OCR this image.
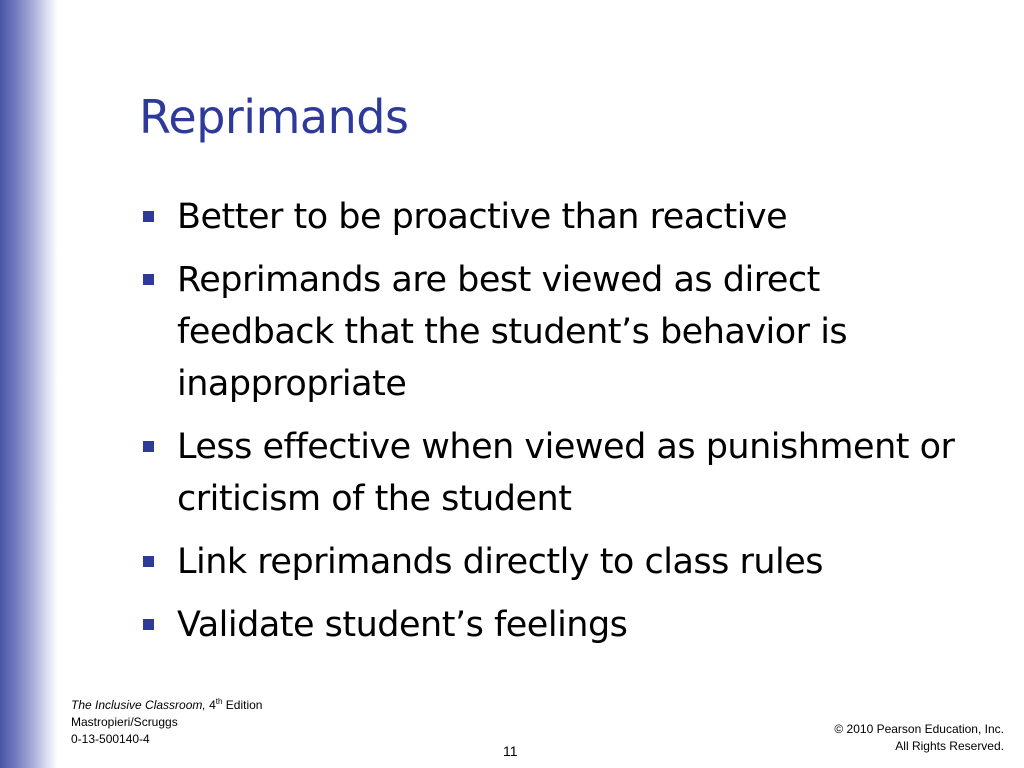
Reprimands
Better to be proactive than reactive
Reprimands are best viewed as direct feedback that the student’s behavior is inappropriate
Less effective when viewed as punishment or criticism of the student
Link reprimands directly to class rules
Validate student’s feelings
The Inclusive Classroom, 4th Edition
Mastropieri/Scruggs
0-13-500140-4
© 2010 Pearson Education, Inc.
All Rights Reserved.
11
